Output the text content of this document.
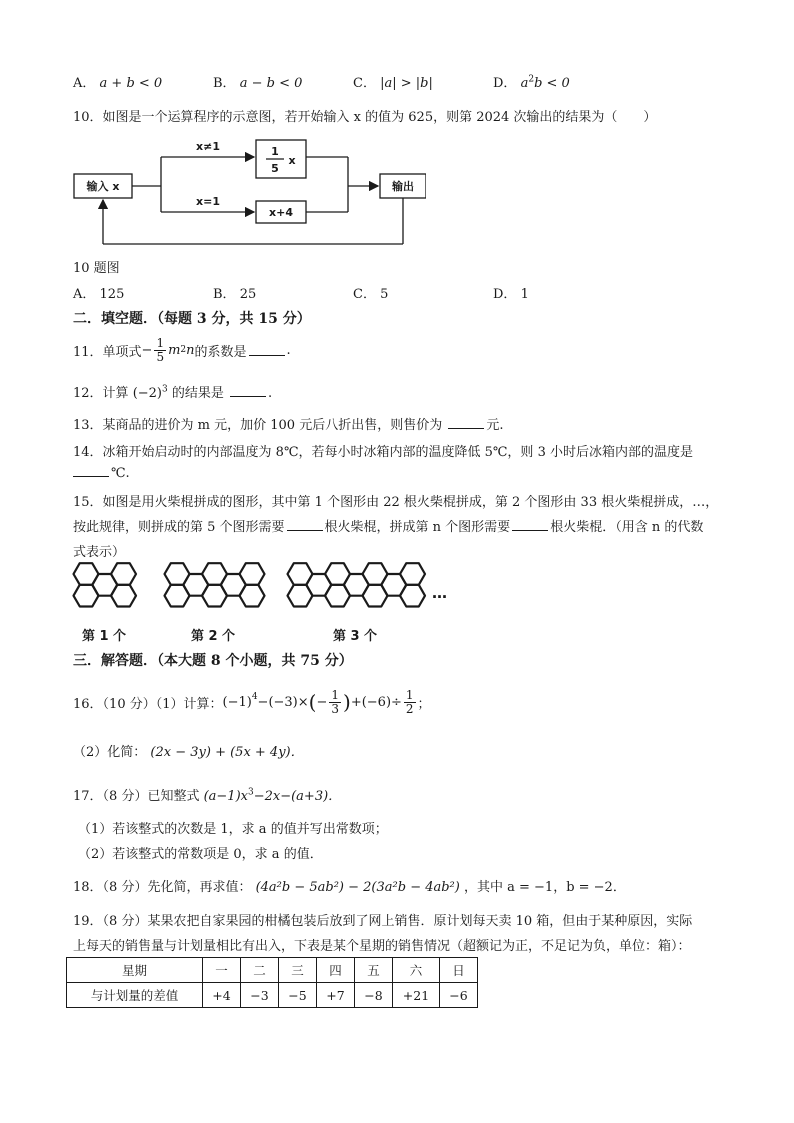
A． a + b < 0	B． a − b < 0	C． |a| > |b|	D． $a^2b < 0$
10．如图是一个运算程序的示意图，若开始输入 x 的值为 625，则第 2024 次输出的结果为（　　）
输入 x	输出
x≠1
x=1
1
5
x
x+4
10 题图
A． 125	B． 25	C． 5	D． 1
二．填空题．（每题 3 分，共 15 分）
11．单项式 − $\frac{1}{5}$ m 2 n 的系数是	.
12．计算 $(-2)^3$ 的结果是	.
13．某商品的进价为 m 元，加价 100 元后八折出售，则售价为	元.
14．冰箱开始启动时的内部温度为 8℃，若每小时冰箱内部的温度降低 5℃，则 3 小时后冰箱内部的温度是
℃.
15．如图是用火柴棍拼成的图形，其中第 1 个图形由 22 根火柴棍拼成，第 2 个图形由 33 根火柴棍拼成，…，
按此规律，则拼成的第 5 个图形需要	根火柴棍，拼成第 n 个图形需要	根火柴棍．（用含 n 的代数
式表示）
第 1 个	第 2 个	第 3 个
…
三．解答题．（本大题 8 个小题，共 75 分）
16．（10 分）（1）计算： (−1) 4 −(−3)× ( − $\frac{1}{3}$ ) $+(-6)\div \frac{1}{2}$ ；
（2）化简： (2x − 3y) + (5x + 4y)．
17．（8 分）已知整式 $(a-1)x^3-2x-(a+3)$．
（1）若该整式的次数是 1，求 a 的值并写出常数项；
（2）若该整式的常数项是 0，求 a 的值．
18．（8 分）先化简，再求值： (4a²b − 5ab²) − 2(3a²b − 4ab²) ，其中 a = −1，b = −2．
19．（8 分）某果农把自家果园的柑橘包装后放到了网上销售．原计划每天卖 10 箱，但由于某种原因，实际
上每天的销售量与计划量相比有出入，下表是某个星期的销售情况（超额记为正，不足记为负，单位：箱）：
星期	一	二	三	四	五	六	日
与计划量的差值	+4	−3	−5	+7	−8	+21	−6
